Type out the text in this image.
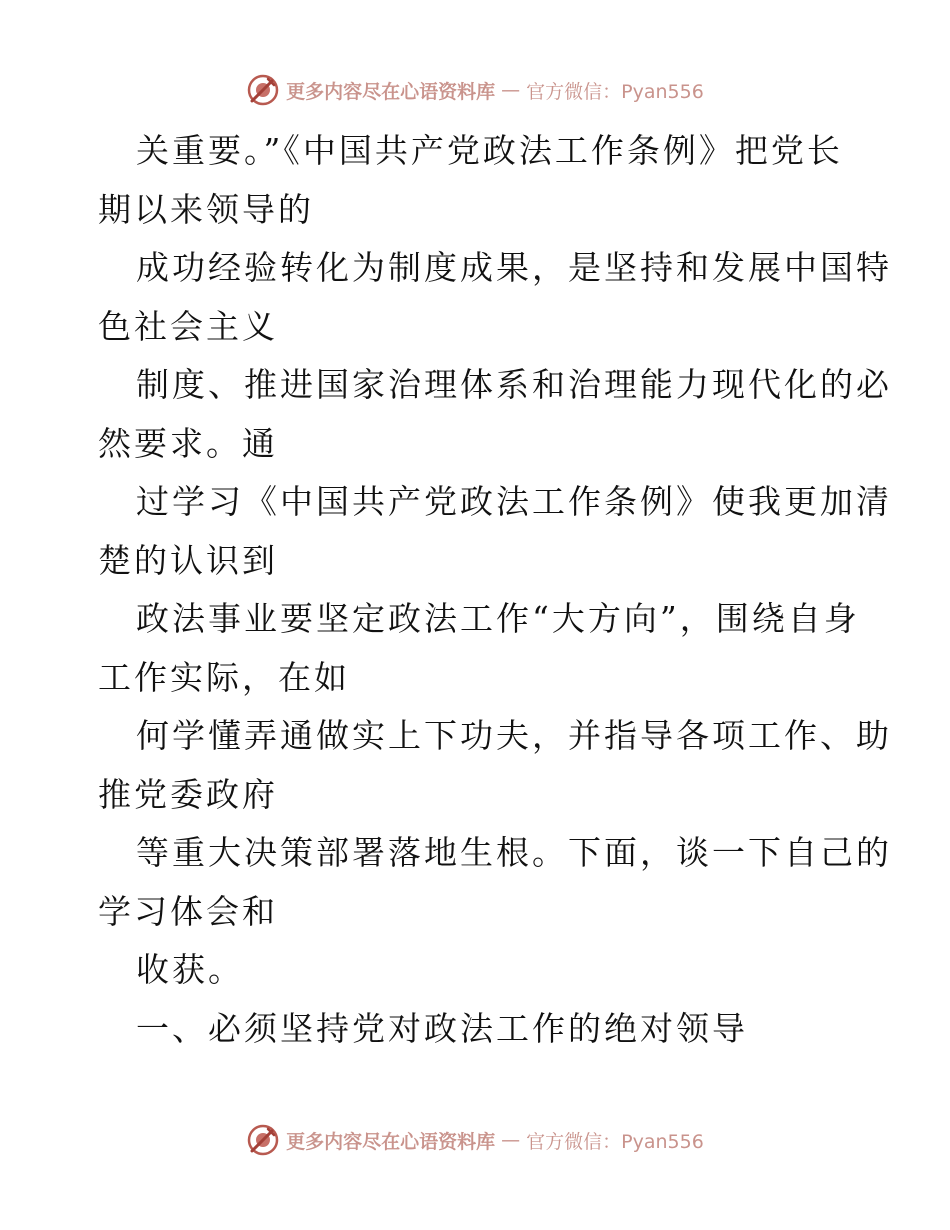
更多内容尽在心语资料库 — 官方微信：Pyan556
关重要。”《中国共产党政法工作条例》把党长
期以来领导的
成功经验转化为制度成果，是坚持和发展中国特
色社会主义
制度、推进国家治理体系和治理能力现代化的必
然要求。通
过学习《中国共产党政法工作条例》使我更加清
楚的认识到
政法事业要坚定政法工作“大方向”，围绕自身
工作实际，在如
何学懂弄通做实上下功夫，并指导各项工作、助
推党委政府
等重大决策部署落地生根。下面，谈一下自己的
学习体会和
收获。
一、必须坚持党对政法工作的绝对领导
更多内容尽在心语资料库 — 官方微信：Pyan556
